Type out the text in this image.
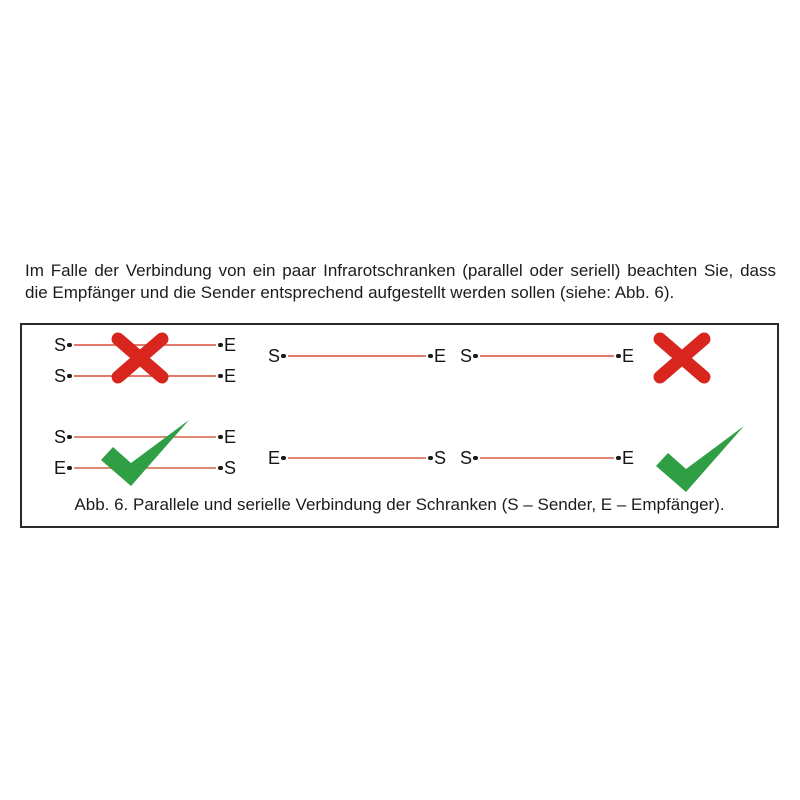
Im Falle der Verbindung von ein paar Infrarotschranken (parallel oder seriell) beachten Sie, dass
die Empfänger und die Sender entsprechend aufgestellt werden sollen (siehe: Abb. 6).

S	E
S	E
S	E S	E
S	E
E	S E	S S	E
Abb. 6. Parallele und serielle Verbindung der Schranken (S – Sender, E – Empfänger).
